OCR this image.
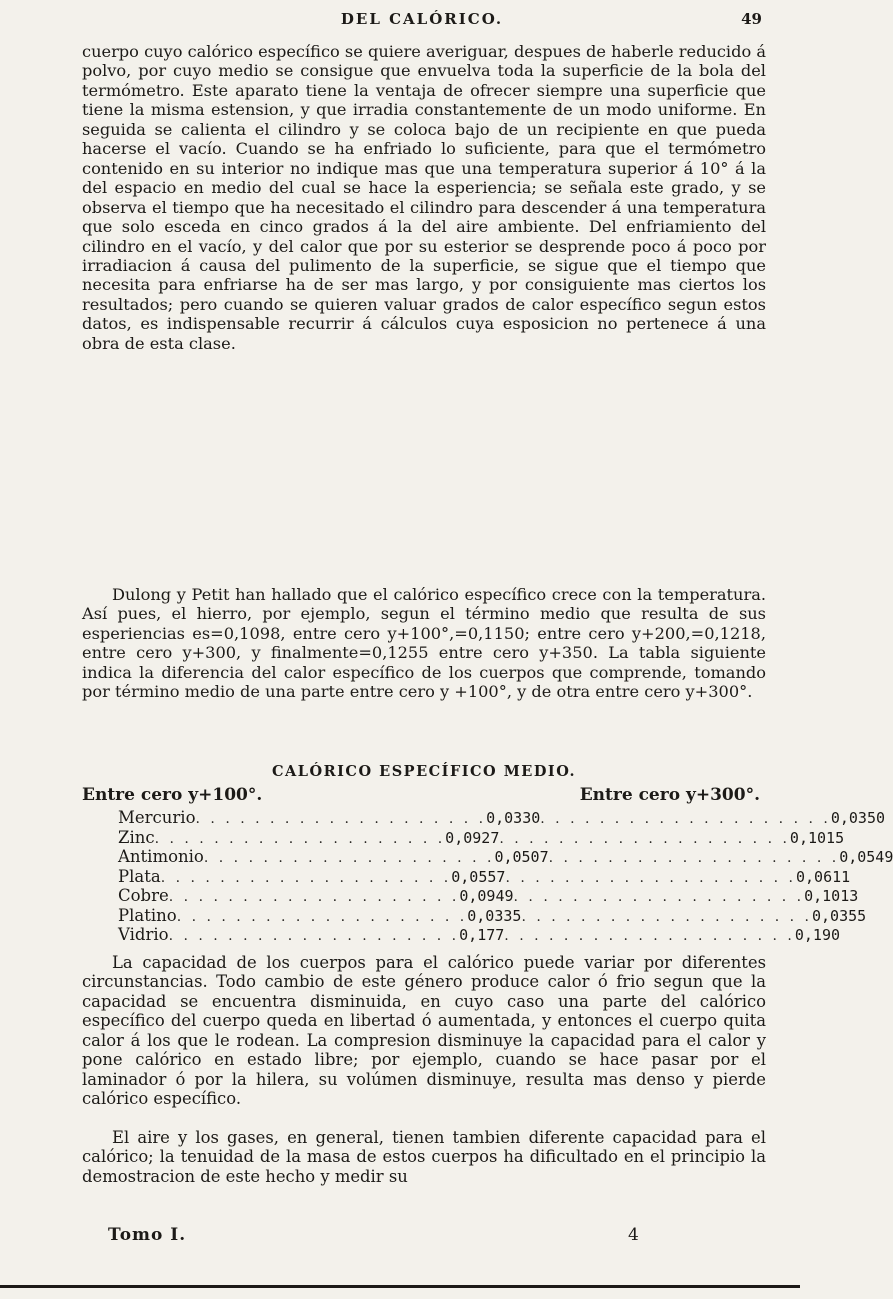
DEL CALÓRICO.	49

cuerpo cuyo calórico específico se quiere averiguar, despues de haberle reducido á polvo, por cuyo medio se consigue que envuelva toda la superficie de la bola del termómetro. Este aparato tiene la ventaja de ofrecer siempre una superficie que tiene la misma estension, y que irradia constantemente de un modo uniforme. En seguida se calienta el cilindro y se coloca bajo de un recipiente en que pueda hacerse el vacío. Cuando se ha enfriado lo suficiente, para que el termómetro contenido en su interior no indique mas que una temperatura superior á 10° á la del espacio en medio del cual se hace la esperiencia; se señala este grado, y se observa el tiempo que ha necesitado el cilindro para descender á una temperatura que solo esceda en cinco grados á la del aire ambiente. Del enfriamiento del cilindro en el vacío, y del calor que por su esterior se desprende poco á poco por irradiacion á causa del pulimento de la superficie, se sigue que el tiempo que necesita para enfriarse ha de ser mas largo, y por consiguiente mas ciertos los resultados; pero cuando se quieren valuar grados de calor específico segun estos datos, es indispensable recurrir á cálculos cuya esposicion no pertenece á una obra de esta clase.

Dulong y Petit han hallado que el calórico específico crece con la temperatura. Así pues, el hierro, por ejemplo, segun el término medio que resulta de sus esperiencias es=0,1098, entre cero y+100°,=0,1150; entre cero y+200,=0,1218, entre cero y+300, y finalmente=0,1255 entre cero y+350. La tabla siguiente indica la diferencia del calor específico de los cuerpos que comprende, tomando por término medio de una parte entre cero y +100°, y de otra entre cero y+300°.

CALÓRICO ESPECÍFICO MEDIO.
Entre cero y+100°.	Entre cero y+300°.
Mercurio . . . . . . . . . . . . . . . . . . . . 0,0330 . . . . . . . . . . . . . . . . . . . . 0,0350
Zinc . . . . . . . . . . . . . . . . . . . . 0,0927 . . . . . . . . . . . . . . . . . . . . 0,1015
Antimonio . . . . . . . . . . . . . . . . . . . . 0,0507 . . . . . . . . . . . . . . . . . . . . 0,0549
Plata . . . . . . . . . . . . . . . . . . . . 0,0557 . . . . . . . . . . . . . . . . . . . . 0,0611
Cobre . . . . . . . . . . . . . . . . . . . . 0,0949 . . . . . . . . . . . . . . . . . . . . 0,1013
Platino . . . . . . . . . . . . . . . . . . . . 0,0335 . . . . . . . . . . . . . . . . . . . . 0,0355
Vidrio . . . . . . . . . . . . . . . . . . . . 0,177 . . . . . . . . . . . . . . . . . . . . 0,190

La capacidad de los cuerpos para el calórico puede variar por diferentes circunstancias. Todo cambio de este género produce calor ó frio segun que la capacidad se encuentra disminuida, en cuyo caso una parte del calórico específico del cuerpo queda en libertad ó aumentada, y entonces el cuerpo quita calor á los que le rodean. La compresion disminuye la capacidad para el calor y pone calórico en estado libre; por ejemplo, cuando se hace pasar por el laminador ó por la hilera, su volúmen disminuye, resulta mas denso y pierde calórico específico.

El aire y los gases, en general, tienen tambien diferente capacidad para el calórico; la tenuidad de la masa de estos cuerpos ha dificultado en el principio la demostracion de este hecho y medir su

Tomo I.	4
